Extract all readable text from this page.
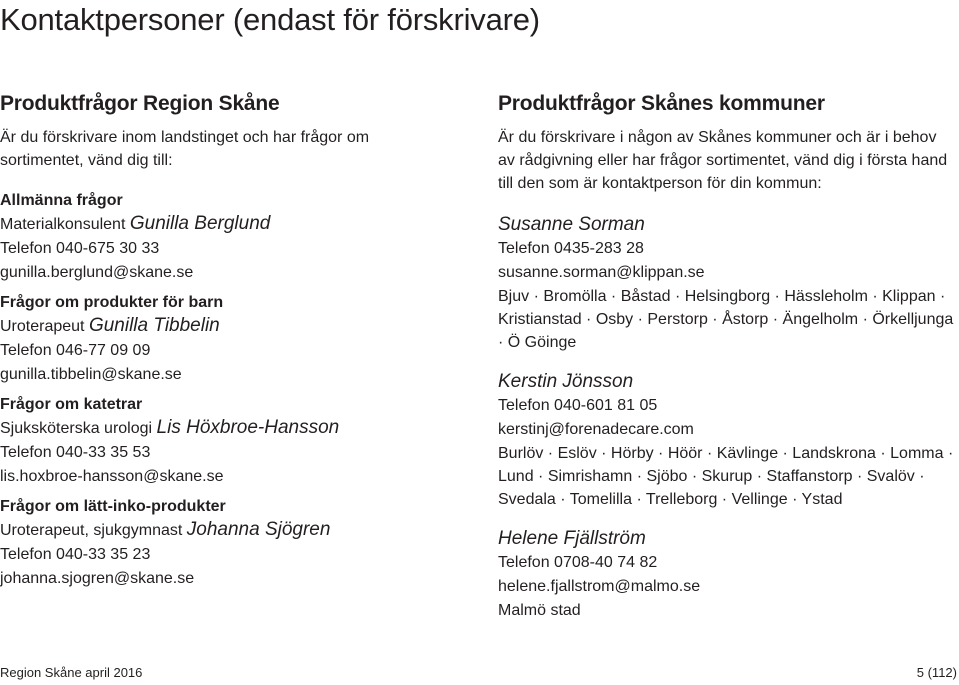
Kontaktpersoner (endast för förskrivare)
Produktfrågor Region Skåne
Är du förskrivare inom landstinget och har frågor om sortimentet, vänd dig till:
Allmänna frågor
Materialkonsulent Gunilla Berglund
Telefon 040-675 30 33
gunilla.berglund@skane.se
Frågor om produkter för barn
Uroterapeut Gunilla Tibbelin
Telefon 046-77 09 09
gunilla.tibbelin@skane.se
Frågor om katetrar
Sjuksköterska urologi Lis Höxbroe-Hansson
Telefon 040-33 35 53
lis.hoxbroe-hansson@skane.se
Frågor om lätt-inko-produkter
Uroterapeut, sjukgymnast Johanna Sjögren
Telefon 040-33 35 23
johanna.sjogren@skane.se
Produktfrågor Skånes kommuner
Är du förskrivare i någon av Skånes kommuner och är i behov av rådgivning eller har frågor sortimentet, vänd dig i första hand till den som är kontaktperson för din kommun:
Susanne Sorman
Telefon 0435-283 28
susanne.sorman@klippan.se
Bjuv · Bromölla · Båstad · Helsingborg · Hässleholm · Klippan · Kristianstad · Osby · Perstorp · Åstorp · Ängelholm · Örkelljunga · Ö Göinge
Kerstin Jönsson
Telefon 040-601 81 05
kerstinj@forenadecare.com
Burlöv · Eslöv · Hörby · Höör · Kävlinge · Landskrona · Lomma · Lund · Simrishamn · Sjöbo · Skurup · Staffanstorp · Svalöv · Svedala · Tomelilla · Trelleborg · Vellinge · Ystad
Helene Fjällström
Telefon 0708-40 74 82
helene.fjallstrom@malmo.se
Malmö stad
Region Skåne april 2016	5 (112)
